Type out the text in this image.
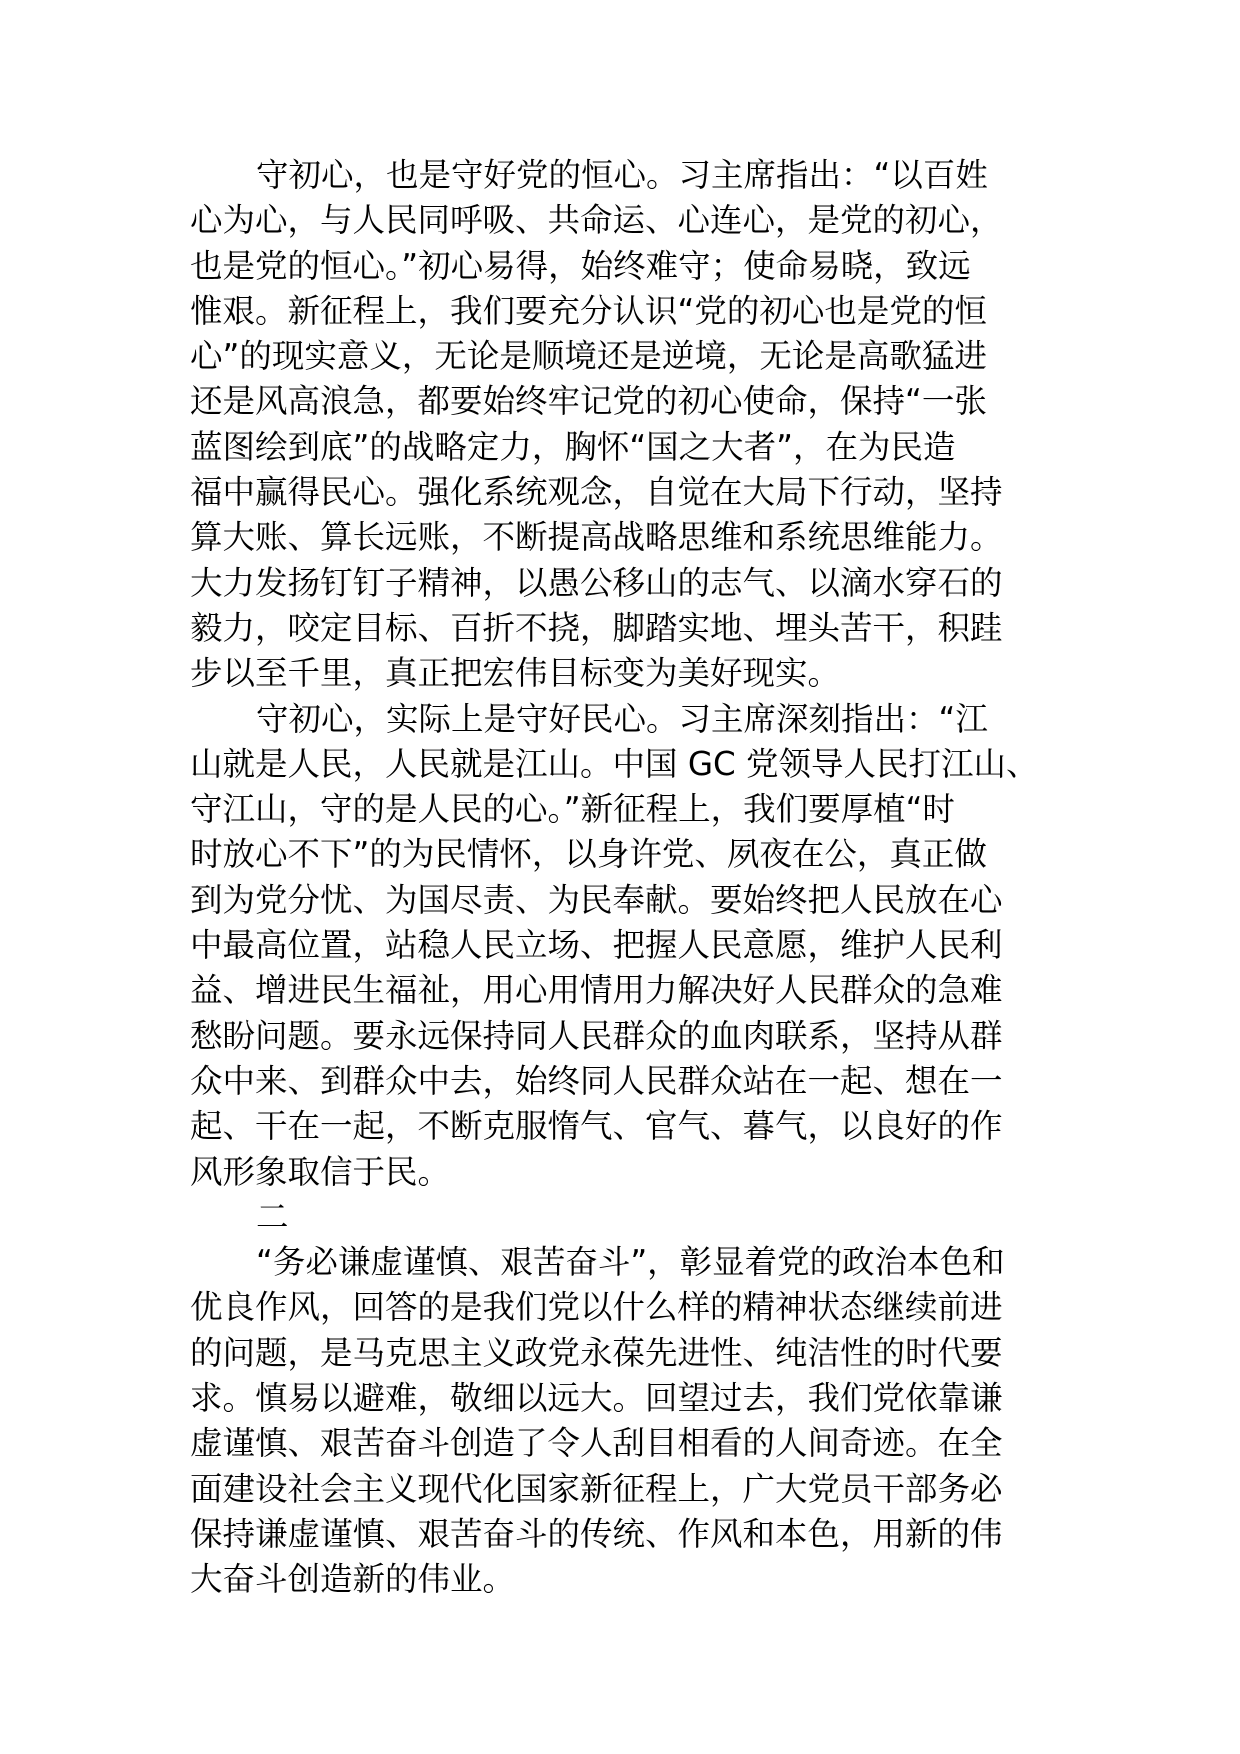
守初心，也是守好党的恒心。习主席指出：“以百姓
心为心，与人民同呼吸、共命运、心连心，是党的初心，
也是党的恒心。”初心易得，始终难守；使命易晓，致远
惟艰。新征程上，我们要充分认识“党的初心也是党的恒
心”的现实意义，无论是顺境还是逆境，无论是高歌猛进
还是风高浪急，都要始终牢记党的初心使命，保持“一张
蓝图绘到底”的战略定力，胸怀“国之大者”，在为民造
福中赢得民心。强化系统观念，自觉在大局下行动，坚持
算大账、算长远账，不断提高战略思维和系统思维能力。
大力发扬钉钉子精神，以愚公移山的志气、以滴水穿石的
毅力，咬定目标、百折不挠，脚踏实地、埋头苦干，积跬
步以至千里，真正把宏伟目标变为美好现实。

守初心，实际上是守好民心。习主席深刻指出：“江
山就是人民，人民就是江山。中国 GC 党领导人民打江山、
守江山，守的是人民的心。”新征程上，我们要厚植“时
时放心不下”的为民情怀，以身许党、夙夜在公，真正做
到为党分忧、为国尽责、为民奉献。要始终把人民放在心
中最高位置，站稳人民立场、把握人民意愿，维护人民利
益、增进民生福祉，用心用情用力解决好人民群众的急难
愁盼问题。要永远保持同人民群众的血肉联系，坚持从群
众中来、到群众中去，始终同人民群众站在一起、想在一
起、干在一起，不断克服惰气、官气、暮气，以良好的作
风形象取信于民。

二

“务必谦虚谨慎、艰苦奋斗”，彰显着党的政治本色和
优良作风，回答的是我们党以什么样的精神状态继续前进
的问题，是马克思主义政党永葆先进性、纯洁性的时代要
求。慎易以避难，敬细以远大。回望过去，我们党依靠谦
虚谨慎、艰苦奋斗创造了令人刮目相看的人间奇迹。在全
面建设社会主义现代化国家新征程上，广大党员干部务必
保持谦虚谨慎、艰苦奋斗的传统、作风和本色，用新的伟
大奋斗创造新的伟业。
